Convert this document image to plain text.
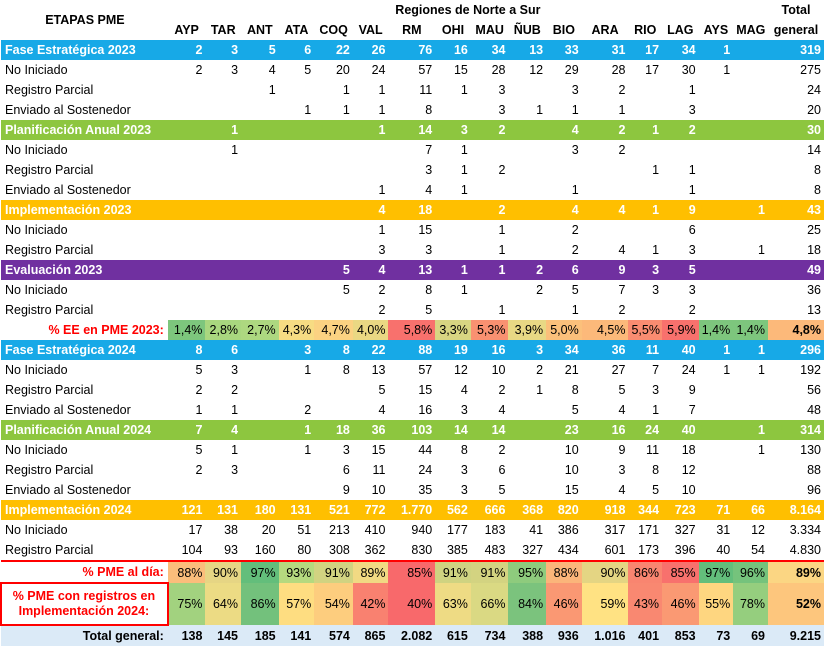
ETAPAS PME	Regiones de Norte a Sur																Total
	AYP	TAR	ANT	ATA	COQ	VAL	RM	OHI	MAU	ÑUB	BIO	ARA	RIO	LAG	AYS	MAG	general
Fase Estratégica 2023	2	3	5	6	22	26	76	16	34	13	33	31	17	34	1		319
No Iniciado	2	3	4	5	20	24	57	15	28	12	29	28	17	30	1		275
Registro Parcial			1		1	1	11	1	3		3	2		1			24
Enviado al Sostenedor				1	1	1	8		3	1	1	1		3			20
Planificación Anual 2023		1				1	14	3	2		4	2	1	2			30
No Iniciado		1					7	1			3	2					14
Registro Parcial							3	1	2				1	1			8
Enviado al Sostenedor						1	4	1			1			1			8
Implementación 2023						4	18		2		4	4	1	9		1	43
No Iniciado						1	15		1		2			6			25
Registro Parcial						3	3		1		2	4	1	3		1	18
Evaluación 2023					5	4	13	1	1	2	6	9	3	5			49
No Iniciado					5	2	8	1		2	5	7	3	3			36
Registro Parcial						2	5		1		1	2		2			13
% EE en PME 2023:	1,4%	2,8%	2,7%	4,3%	4,7%	4,0%	5,8%	3,3%	5,3%	3,9%	5,0%	4,5%	5,5%	5,9%	1,4%	1,4%	4,8%
Fase Estratégica 2024	8	6		3	8	22	88	19	16	3	34	36	11	40	1	1	296
No Iniciado	5	3		1	8	13	57	12	10	2	21	27	7	24	1	1	192
Registro Parcial	2	2				5	15	4	2	1	8	5	3	9			56
Enviado al Sostenedor	1	1		2		4	16	3	4		5	4	1	7			48
Planificación Anual 2024	7	4		1	18	36	103	14	14		23	16	24	40		1	314
No Iniciado	5	1		1	3	15	44	8	2		10	9	11	18		1	130
Registro Parcial	2	3			6	11	24	3	6		10	3	8	12			88
Enviado al Sostenedor					9	10	35	3	5		15	4	5	10			96
Implementación 2024	121	131	180	131	521	772	1.770	562	666	368	820	918	344	723	71	66	8.164
No Iniciado	17	38	20	51	213	410	940	177	183	41	386	317	171	327	31	12	3.334
Registro Parcial	104	93	160	80	308	362	830	385	483	327	434	601	173	396	40	54	4.830
% PME al día:	88%	90%	97%	93%	91%	89%	85%	91%	91%	95%	88%	90%	86%	85%	97%	96%	89%

% PME con registros en
Implementación 2024:	75%	64%	86%	57%	54%	42%	40%	63%	66%	84%	46%	59%	43%	46%	55%	78%	52%
Total general:	138	145	185	141	574	865	2.082	615	734	388	936	1.016	401	853	73	69	9.215
